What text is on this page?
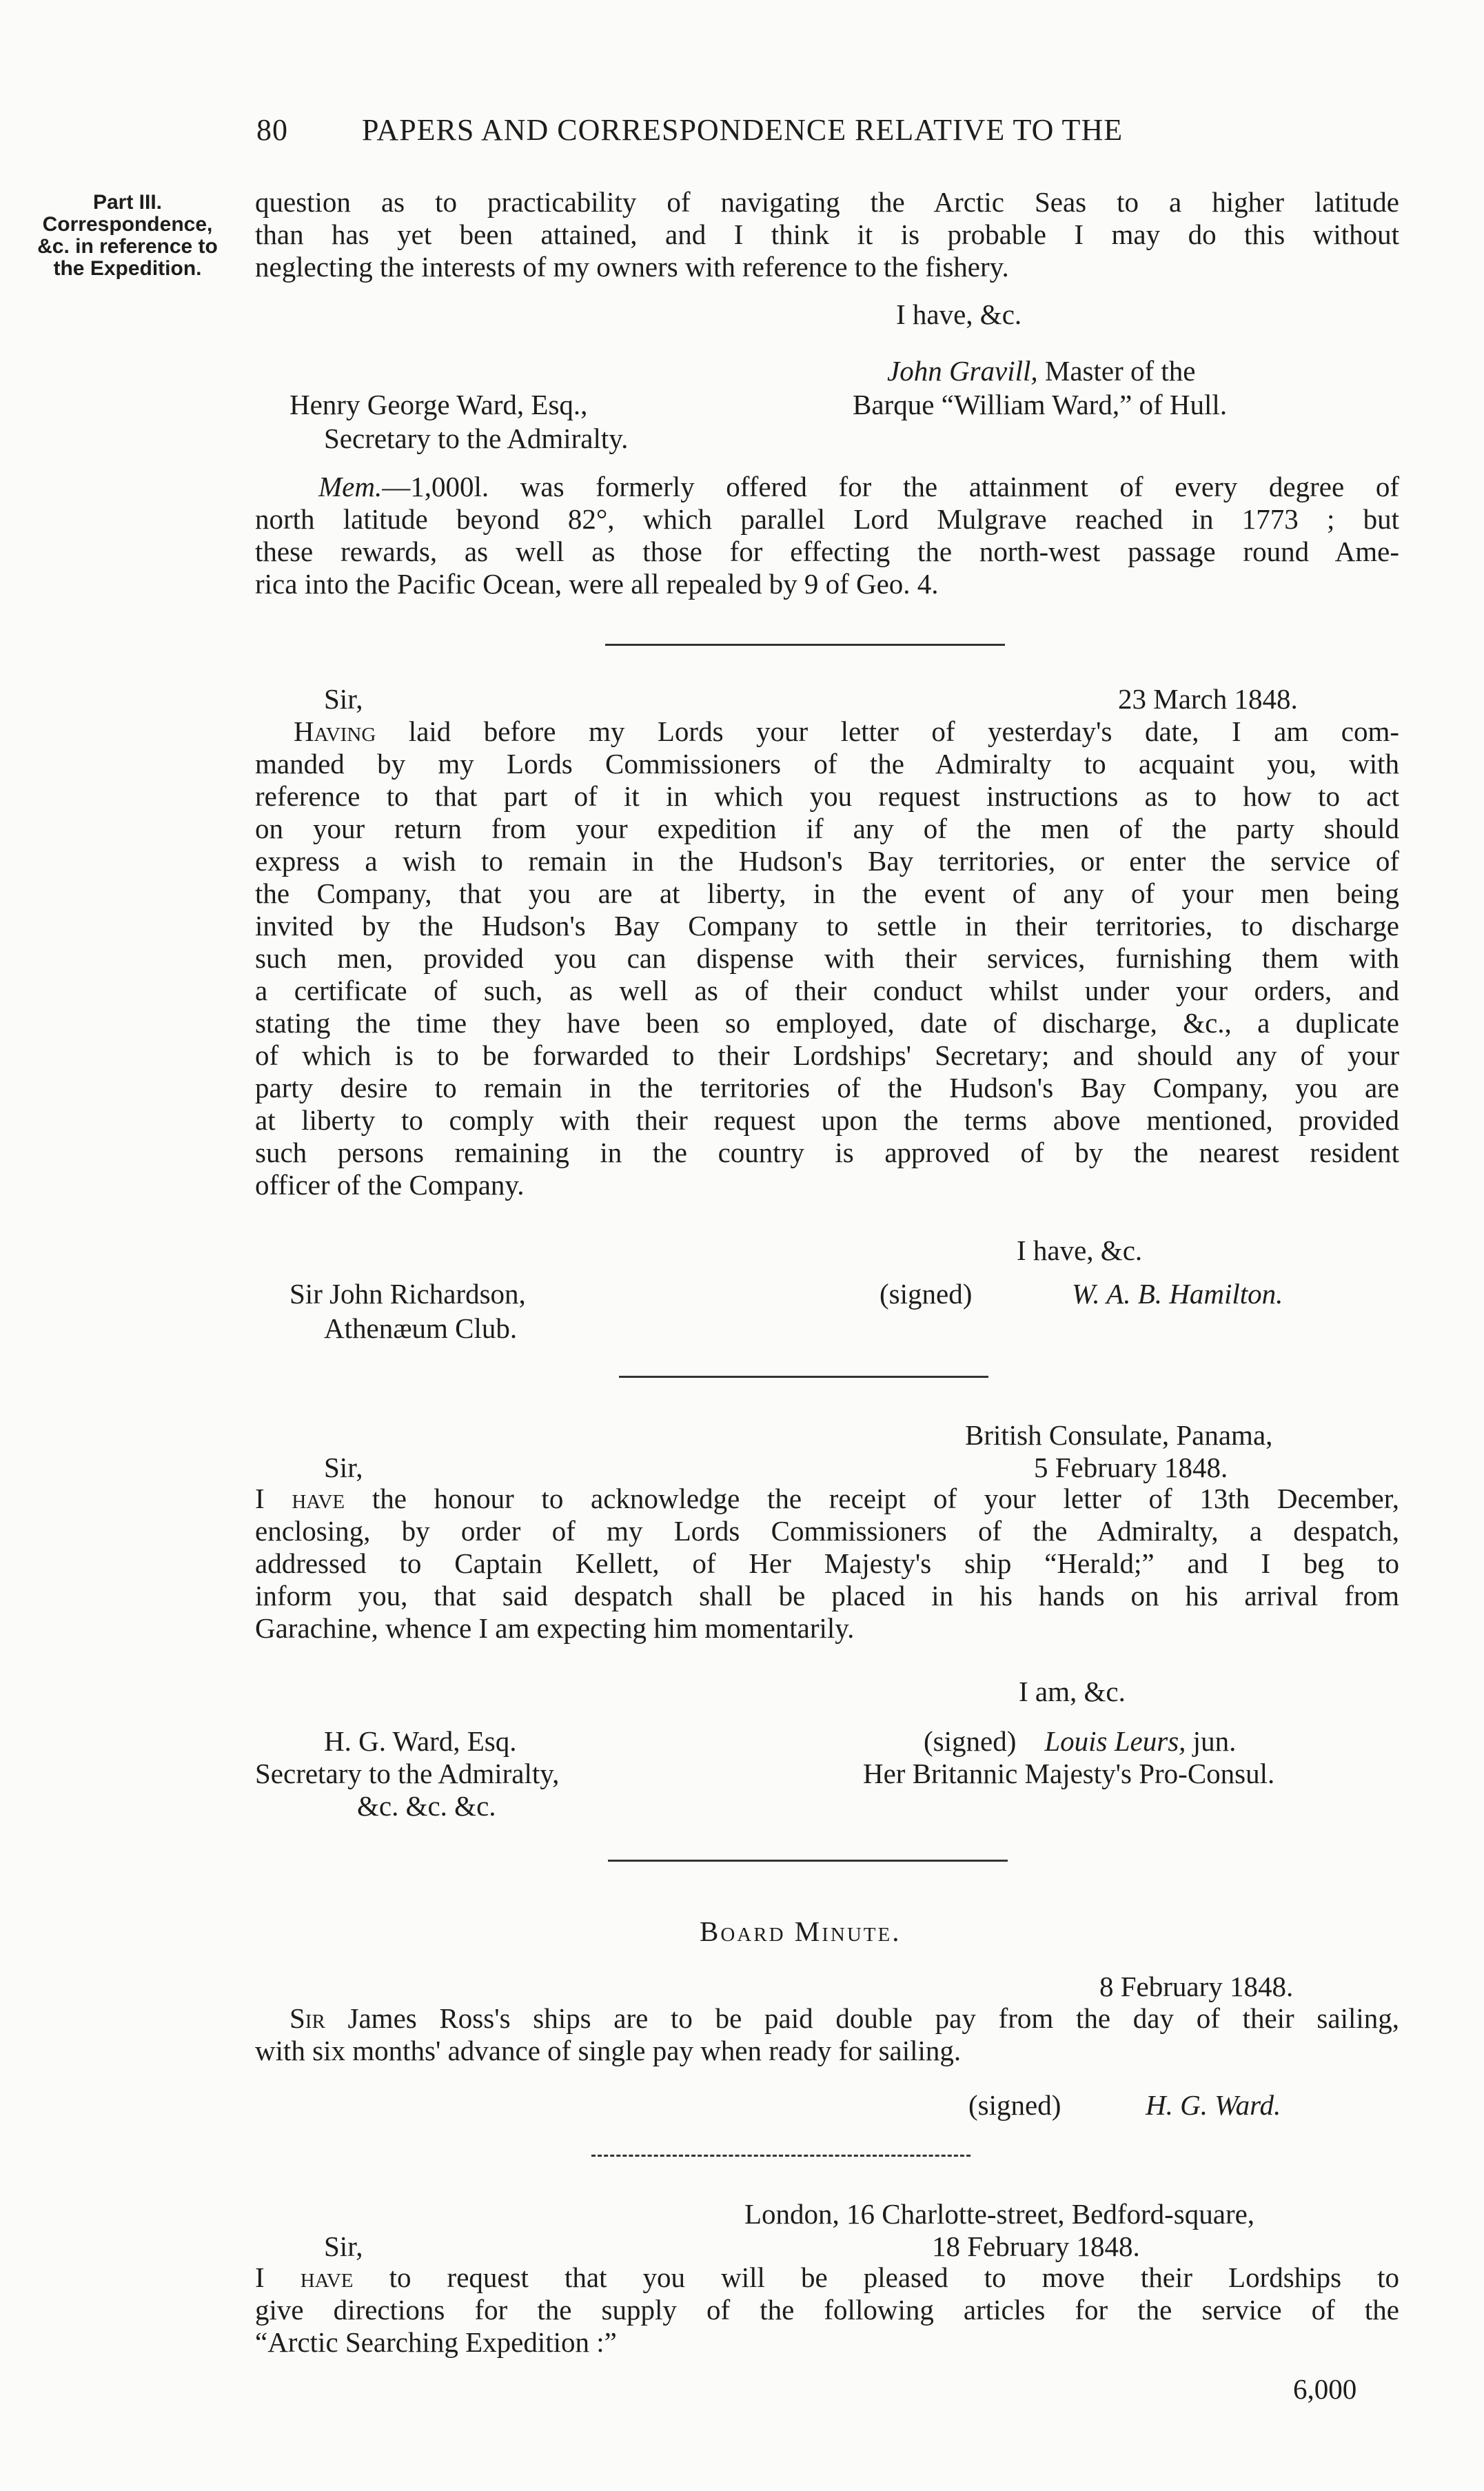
80 PAPERS AND CORRESPONDENCE RELATIVE TO THE
Part III.
Correspondence,
&c. in reference to
the Expedition.
question as to practicability of navigating the Arctic Seas to a higher latitude
than has yet been attained, and I think it is probable I may do this without
neglecting the interests of my owners with reference to the fishery.
I have, &c.
John Gravill, Master of the
Barque “William Ward,” of Hull.
Henry George Ward, Esq.,
Secretary to the Admiralty.
Mem.—1,000l. was formerly offered for the attainment of every degree of
north latitude beyond 82°, which parallel Lord Mulgrave reached in 1773 ; but
these rewards, as well as those for effecting the north-west passage round Ame-
rica into the Pacific Ocean, were all repealed by 9 of Geo. 4.
Sir,	23 March 1848.
Having laid before my Lords your letter of yesterday's date, I am com-
manded by my Lords Commissioners of the Admiralty to acquaint you, with
reference to that part of it in which you request instructions as to how to act
on your return from your expedition if any of the men of the party should
express a wish to remain in the Hudson's Bay territories, or enter the service of
the Company, that you are at liberty, in the event of any of your men being
invited by the Hudson's Bay Company to settle in their territories, to discharge
such men, provided you can dispense with their services, furnishing them with
a certificate of such, as well as of their conduct whilst under your orders, and
stating the time they have been so employed, date of discharge, &c., a duplicate
of which is to be forwarded to their Lordships' Secretary; and should any of your
party desire to remain in the territories of the Hudson's Bay Company, you are
at liberty to comply with their request upon the terms above mentioned, provided
such persons remaining in the country is approved of by the nearest resident
officer of the Company.
I have, &c.
Sir John Richardson,
Athenæum Club.
(signed)	W. A. B. Hamilton.
British Consulate, Panama,
Sir,	5 February 1848.
I have the honour to acknowledge the receipt of your letter of 13th December,
enclosing, by order of my Lords Commissioners of the Admiralty, a despatch,
addressed to Captain Kellett, of Her Majesty's ship “Herald;” and I beg to
inform you, that said despatch shall be placed in his hands on his arrival from
Garachine, whence I am expecting him momentarily.
I am, &c.
H. G. Ward, Esq.
Secretary to the Admiralty,
&c. &c. &c.
(signed) Louis Leurs, jun.
Her Britannic Majesty's Pro-Consul.
Board Minute.
8 February 1848.
Sir James Ross's ships are to be paid double pay from the day of their sailing,
with six months' advance of single pay when ready for sailing.
(signed)	H. G. Ward.
London, 16 Charlotte-street, Bedford-square,
Sir,	18 February 1848.
I have to request that you will be pleased to move their Lordships to
give directions for the supply of the following articles for the service of the
“Arctic Searching Expedition :”
6,000
